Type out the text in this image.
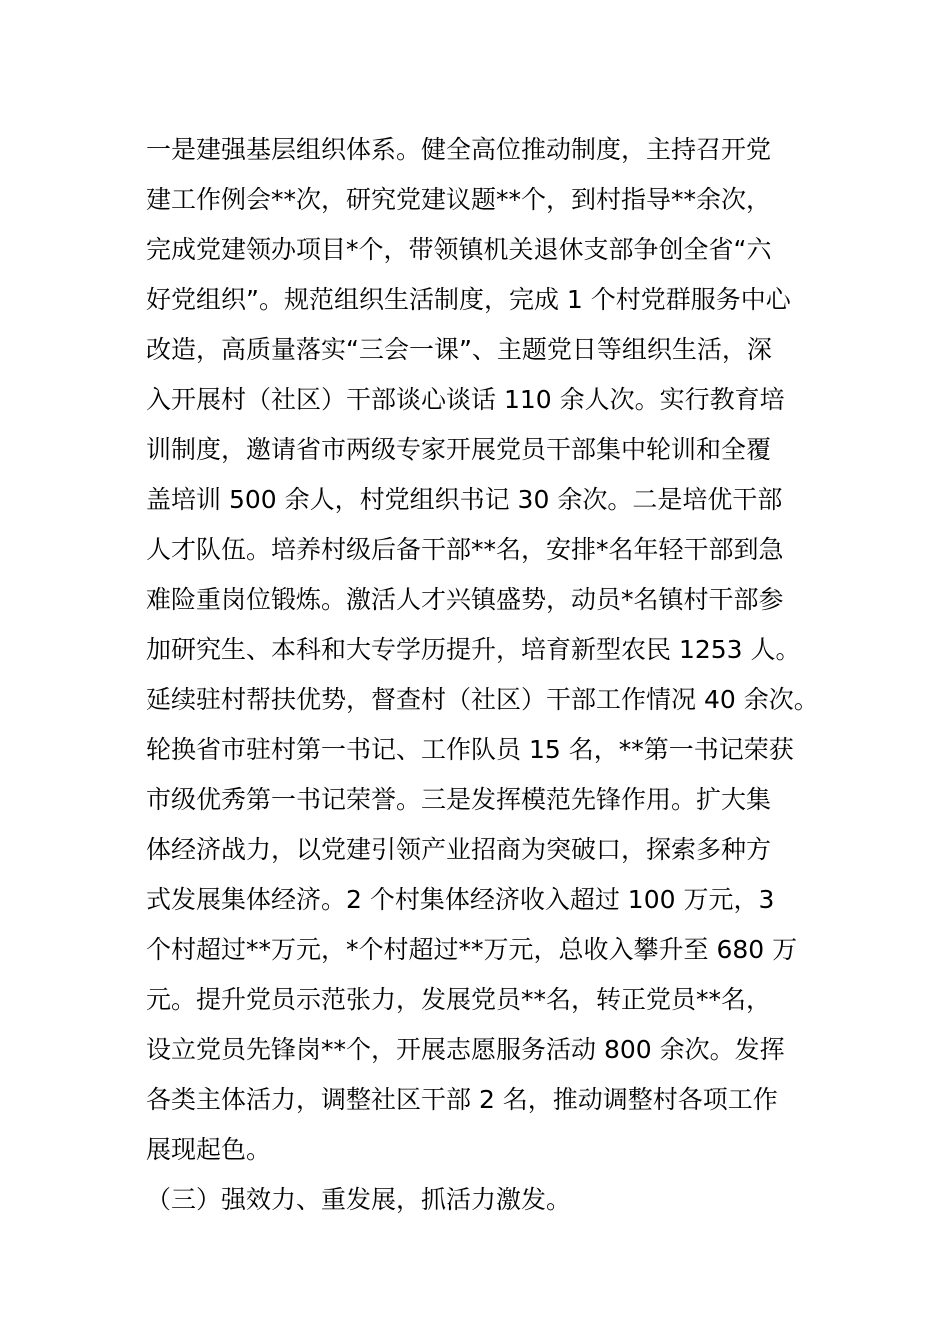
一是建强基层组织体系。健全高位推动制度，主持召开党
建工作例会**次，研究党建议题**个，到村指导**余次，
完成党建领办项目*个，带领镇机关退休支部争创全省“六
好党组织”。规范组织生活制度，完成 1 个村党群服务中心
改造，高质量落实“三会一课”、主题党日等组织生活，深
入开展村（社区）干部谈心谈话 110 余人次。实行教育培
训制度，邀请省市两级专家开展党员干部集中轮训和全覆
盖培训 500 余人，村党组织书记 30 余次。二是培优干部
人才队伍。培养村级后备干部**名，安排*名年轻干部到急
难险重岗位锻炼。激活人才兴镇盛势，动员*名镇村干部参
加研究生、本科和大专学历提升，培育新型农民 1253 人。
延续驻村帮扶优势，督查村（社区）干部工作情况 40 余次。
轮换省市驻村第一书记、工作队员 15 名，**第一书记荣获
市级优秀第一书记荣誉。三是发挥模范先锋作用。扩大集
体经济战力，以党建引领产业招商为突破口，探索多种方
式发展集体经济。2 个村集体经济收入超过 100 万元，3
个村超过**万元，*个村超过**万元，总收入攀升至 680 万
元。提升党员示范张力，发展党员**名，转正党员**名，
设立党员先锋岗**个，开展志愿服务活动 800 余次。发挥
各类主体活力，调整社区干部 2 名，推动调整村各项工作
展现起色。
（三）强效力、重发展，抓活力激发。
